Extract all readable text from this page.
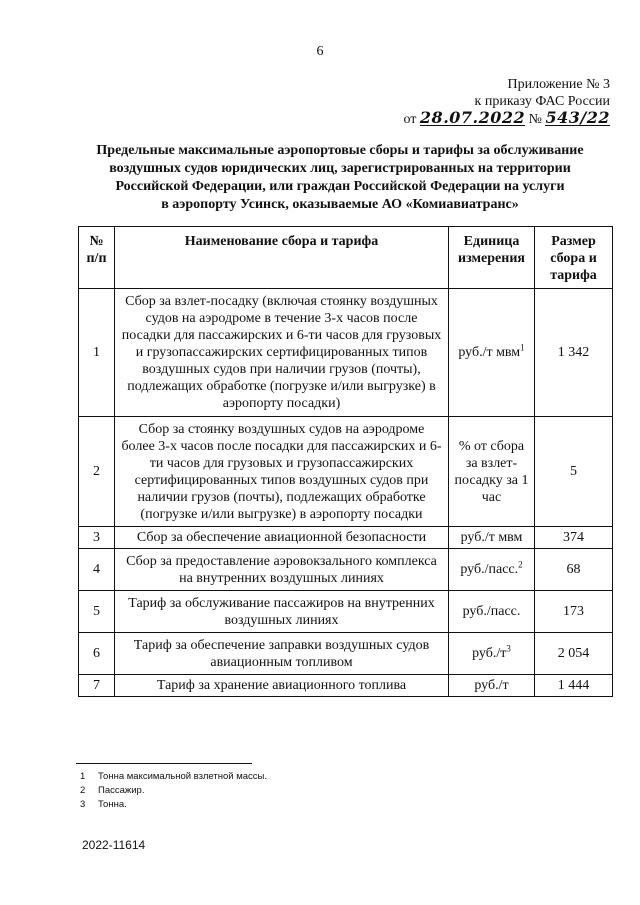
6
Приложение № 3
к приказу ФАС России
от 28.07.2022 № 543/22
Предельные максимальные аэропортовые сборы и тарифы за обслуживание
воздушных судов юридических лиц, зарегистрированных на территории
Российской Федерации, или граждан Российской Федерации на услуги
в аэропорту Усинск, оказываемые АО «Комиавиатранс»
№ п/п	Наименование сбора и тарифа	Единица измерения	Размер сбора и тарифа
1	Сбор за взлет-посадку (включая стоянку воздушных судов на аэродроме в течение 3-х часов после посадки для пассажирских и 6-ти часов для грузовых и грузопассажирских сертифицированных типов воздушных судов при наличии грузов (почты), подлежащих обработке (погрузке и/или выгрузке) в аэропорту посадки)	руб./т мвм$^1$	1 342
2	Сбор за стоянку воздушных судов на аэродроме более 3-х часов после посадки для пассажирских и 6-ти часов для грузовых и грузопассажирских сертифицированных типов воздушных судов при наличии грузов (почты), подлежащих обработке (погрузке и/или выгрузке) в аэропорту посадки	% от сбора за взлет-посадку за 1 час	5
3	Сбор за обеспечение авиационной безопасности	руб./т мвм	374
4	Сбор за предоставление аэровокзального комплекса на внутренних воздушных линиях	руб./пасс.$^2$	68
5	Тариф за обслуживание пассажиров на внутренних воздушных линиях	руб./пасс.	173
6	Тариф за обеспечение заправки воздушных судов авиационным топливом	$руб./т^3$	2 054
7	Тариф за хранение авиационного топлива	руб./т	1 444
1 Тонна максимальной взлетной массы.
2 Пассажир.
3 Тонна.
2022-11614
